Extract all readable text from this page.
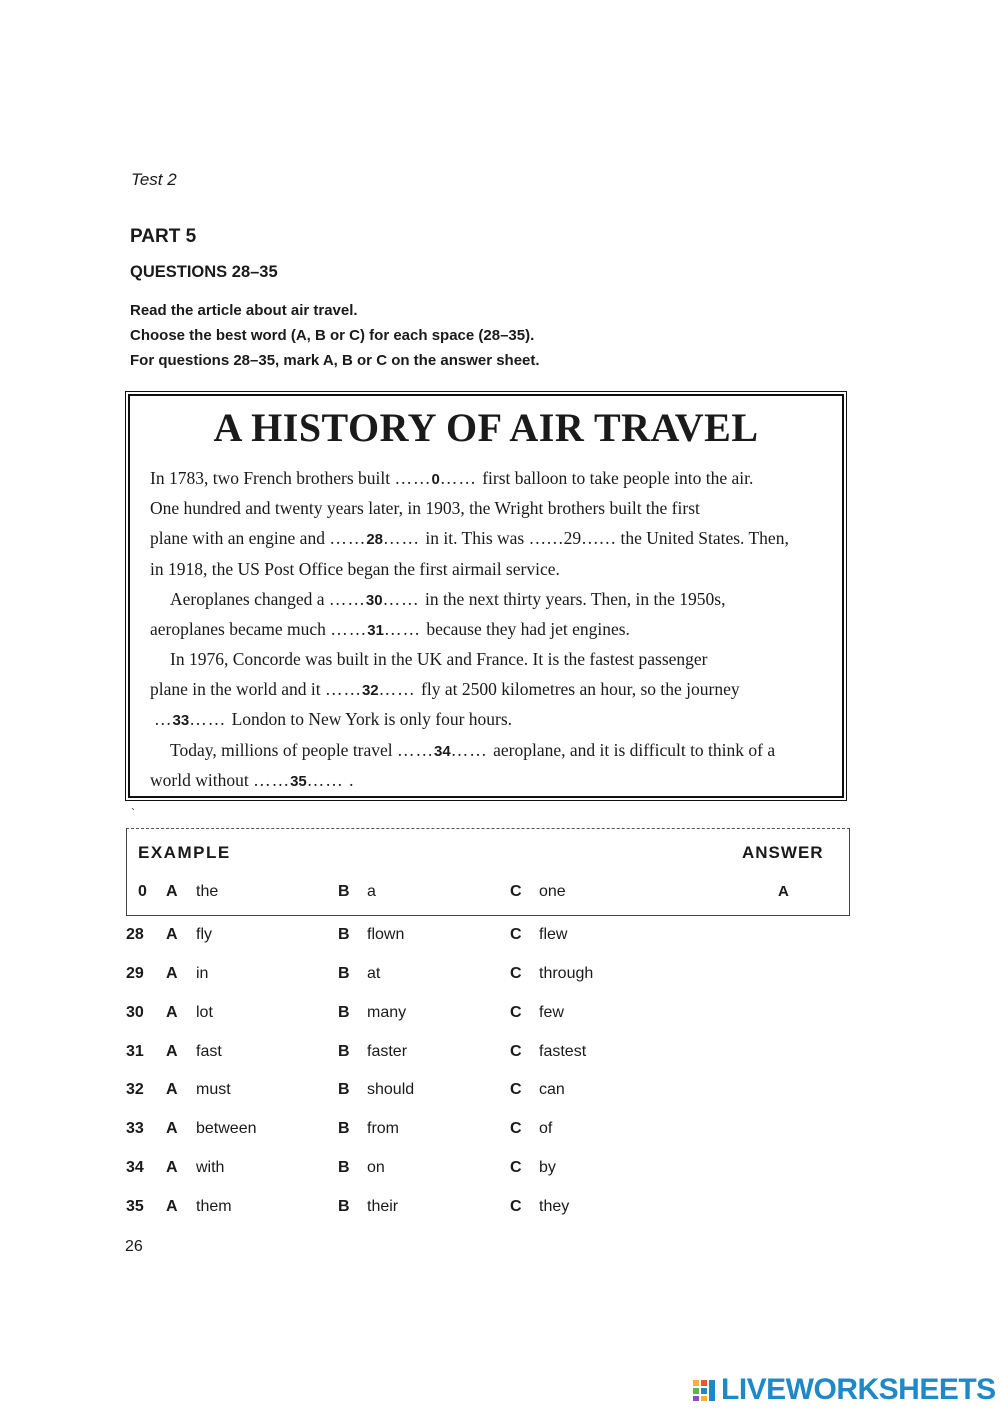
Test 2
PART 5
QUESTIONS 28–35
Read the article about air travel.
Choose the best word (A, B or C) for each space (28–35).
For questions 28–35, mark A, B or C on the answer sheet.
A HISTORY OF AIR TRAVEL
In 1783, two French brothers built ……0…… first balloon to take people into the air.
One hundred and twenty years later, in 1903, the Wright brothers built the first
plane with an engine and ……28…… in it. This was ……29…… the United States. Then,
in 1918, the US Post Office began the first airmail service.
Aeroplanes changed a ……30…… in the next thirty years. Then, in the 1950s,
aeroplanes became much ……31…… because they had jet engines.
In 1976, Concorde was built in the UK and France. It is the fastest passenger
plane in the world and it ……32…… fly at 2500 kilometres an hour, so the journey
…33…… London to New York is only four hours.
Today, millions of people travel ……34…… aeroplane, and it is difficult to think of a
world without ……35…… .
`
EXAMPLE	ANSWER
0 A the	B a	C one	A
28 A fly	B flown	C flew
29 A in	B at	C through
30 A lot	B many	C few
31 A fast	B faster	C fastest
32 A must	B should	C can
33 A between	B from	C of
34 A with	B on	C by
35 A them	B their	C they
26
LIVEWORKSHEETS
